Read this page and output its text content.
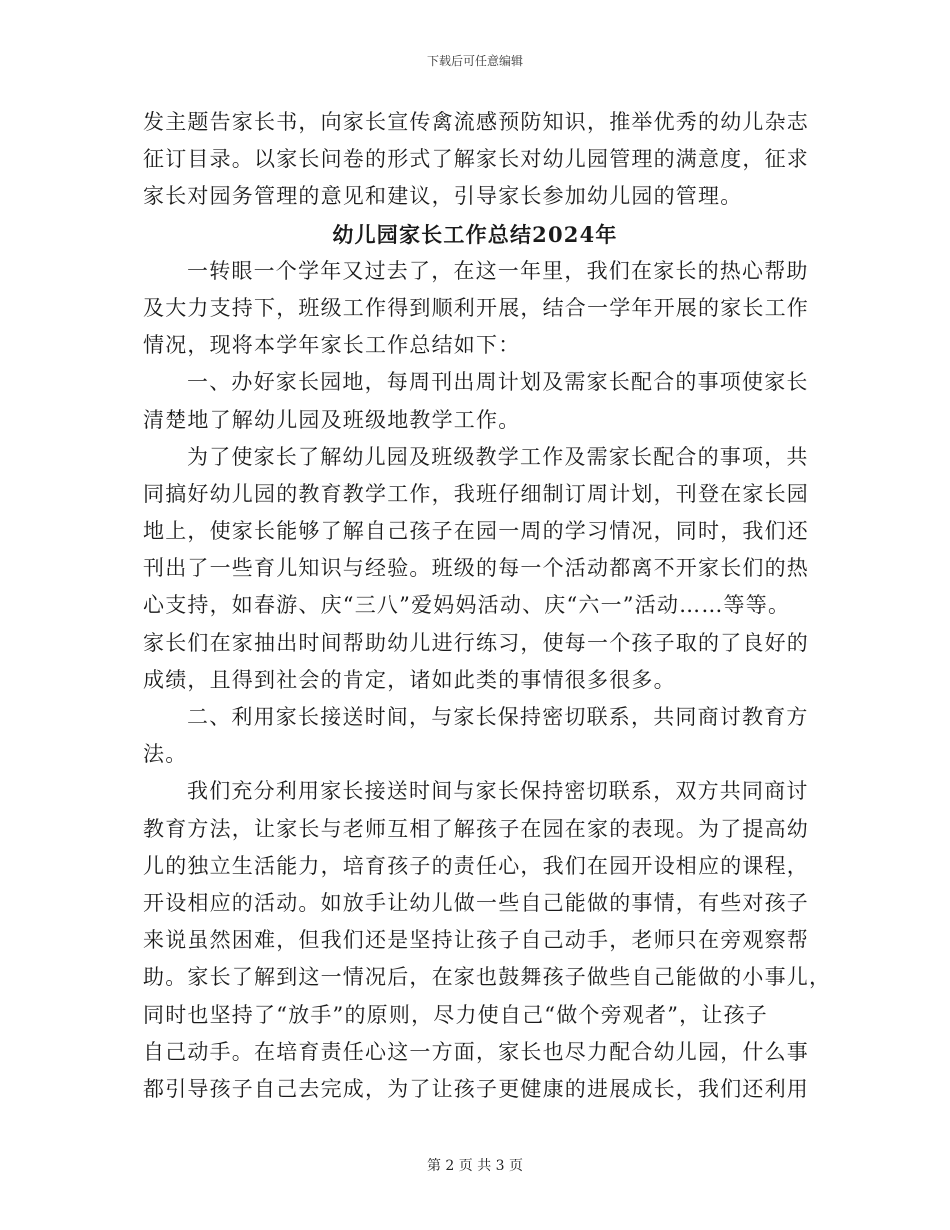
下载后可任意编辑
发主题告家长书，向家长宣传禽流感预防知识，推举优秀的幼儿杂志
征订目录。以家长问卷的形式了解家长对幼儿园管理的满意度，征求
家长对园务管理的意见和建议，引导家长参加幼儿园的管理。
幼儿园家长工作总结2024年
一转眼一个学年又过去了，在这一年里，我们在家长的热心帮助
及大力支持下，班级工作得到顺利开展，结合一学年开展的家长工作
情况，现将本学年家长工作总结如下：
一、办好家长园地，每周刊出周计划及需家长配合的事项使家长
清楚地了解幼儿园及班级地教学工作。
为了使家长了解幼儿园及班级教学工作及需家长配合的事项，共
同搞好幼儿园的教育教学工作，我班仔细制订周计划，刊登在家长园
地上，使家长能够了解自己孩子在园一周的学习情况，同时，我们还
刊出了一些育儿知识与经验。班级的每一个活动都离不开家长们的热
心支持，如春游、庆“三八”爱妈妈活动、庆“六一”活动……等等。
家长们在家抽出时间帮助幼儿进行练习，使每一个孩子取的了良好的
成绩，且得到社会的肯定，诸如此类的事情很多很多。
二、利用家长接送时间，与家长保持密切联系，共同商讨教育方
法。
我们充分利用家长接送时间与家长保持密切联系，双方共同商讨
教育方法，让家长与老师互相了解孩子在园在家的表现。为了提高幼
儿的独立生活能力，培育孩子的责任心，我们在园开设相应的课程，
开设相应的活动。如放手让幼儿做一些自己能做的事情，有些对孩子
来说虽然困难，但我们还是坚持让孩子自己动手，老师只在旁观察帮
助。家长了解到这一情况后，在家也鼓舞孩子做些自己能做的小事儿，
同时也坚持了“放手”的原则，尽力使自己“做个旁观者”，让孩子
自己动手。在培育责任心这一方面，家长也尽力配合幼儿园，什么事
都引导孩子自己去完成，为了让孩子更健康的进展成长，我们还利用
第 2 页 共 3 页
